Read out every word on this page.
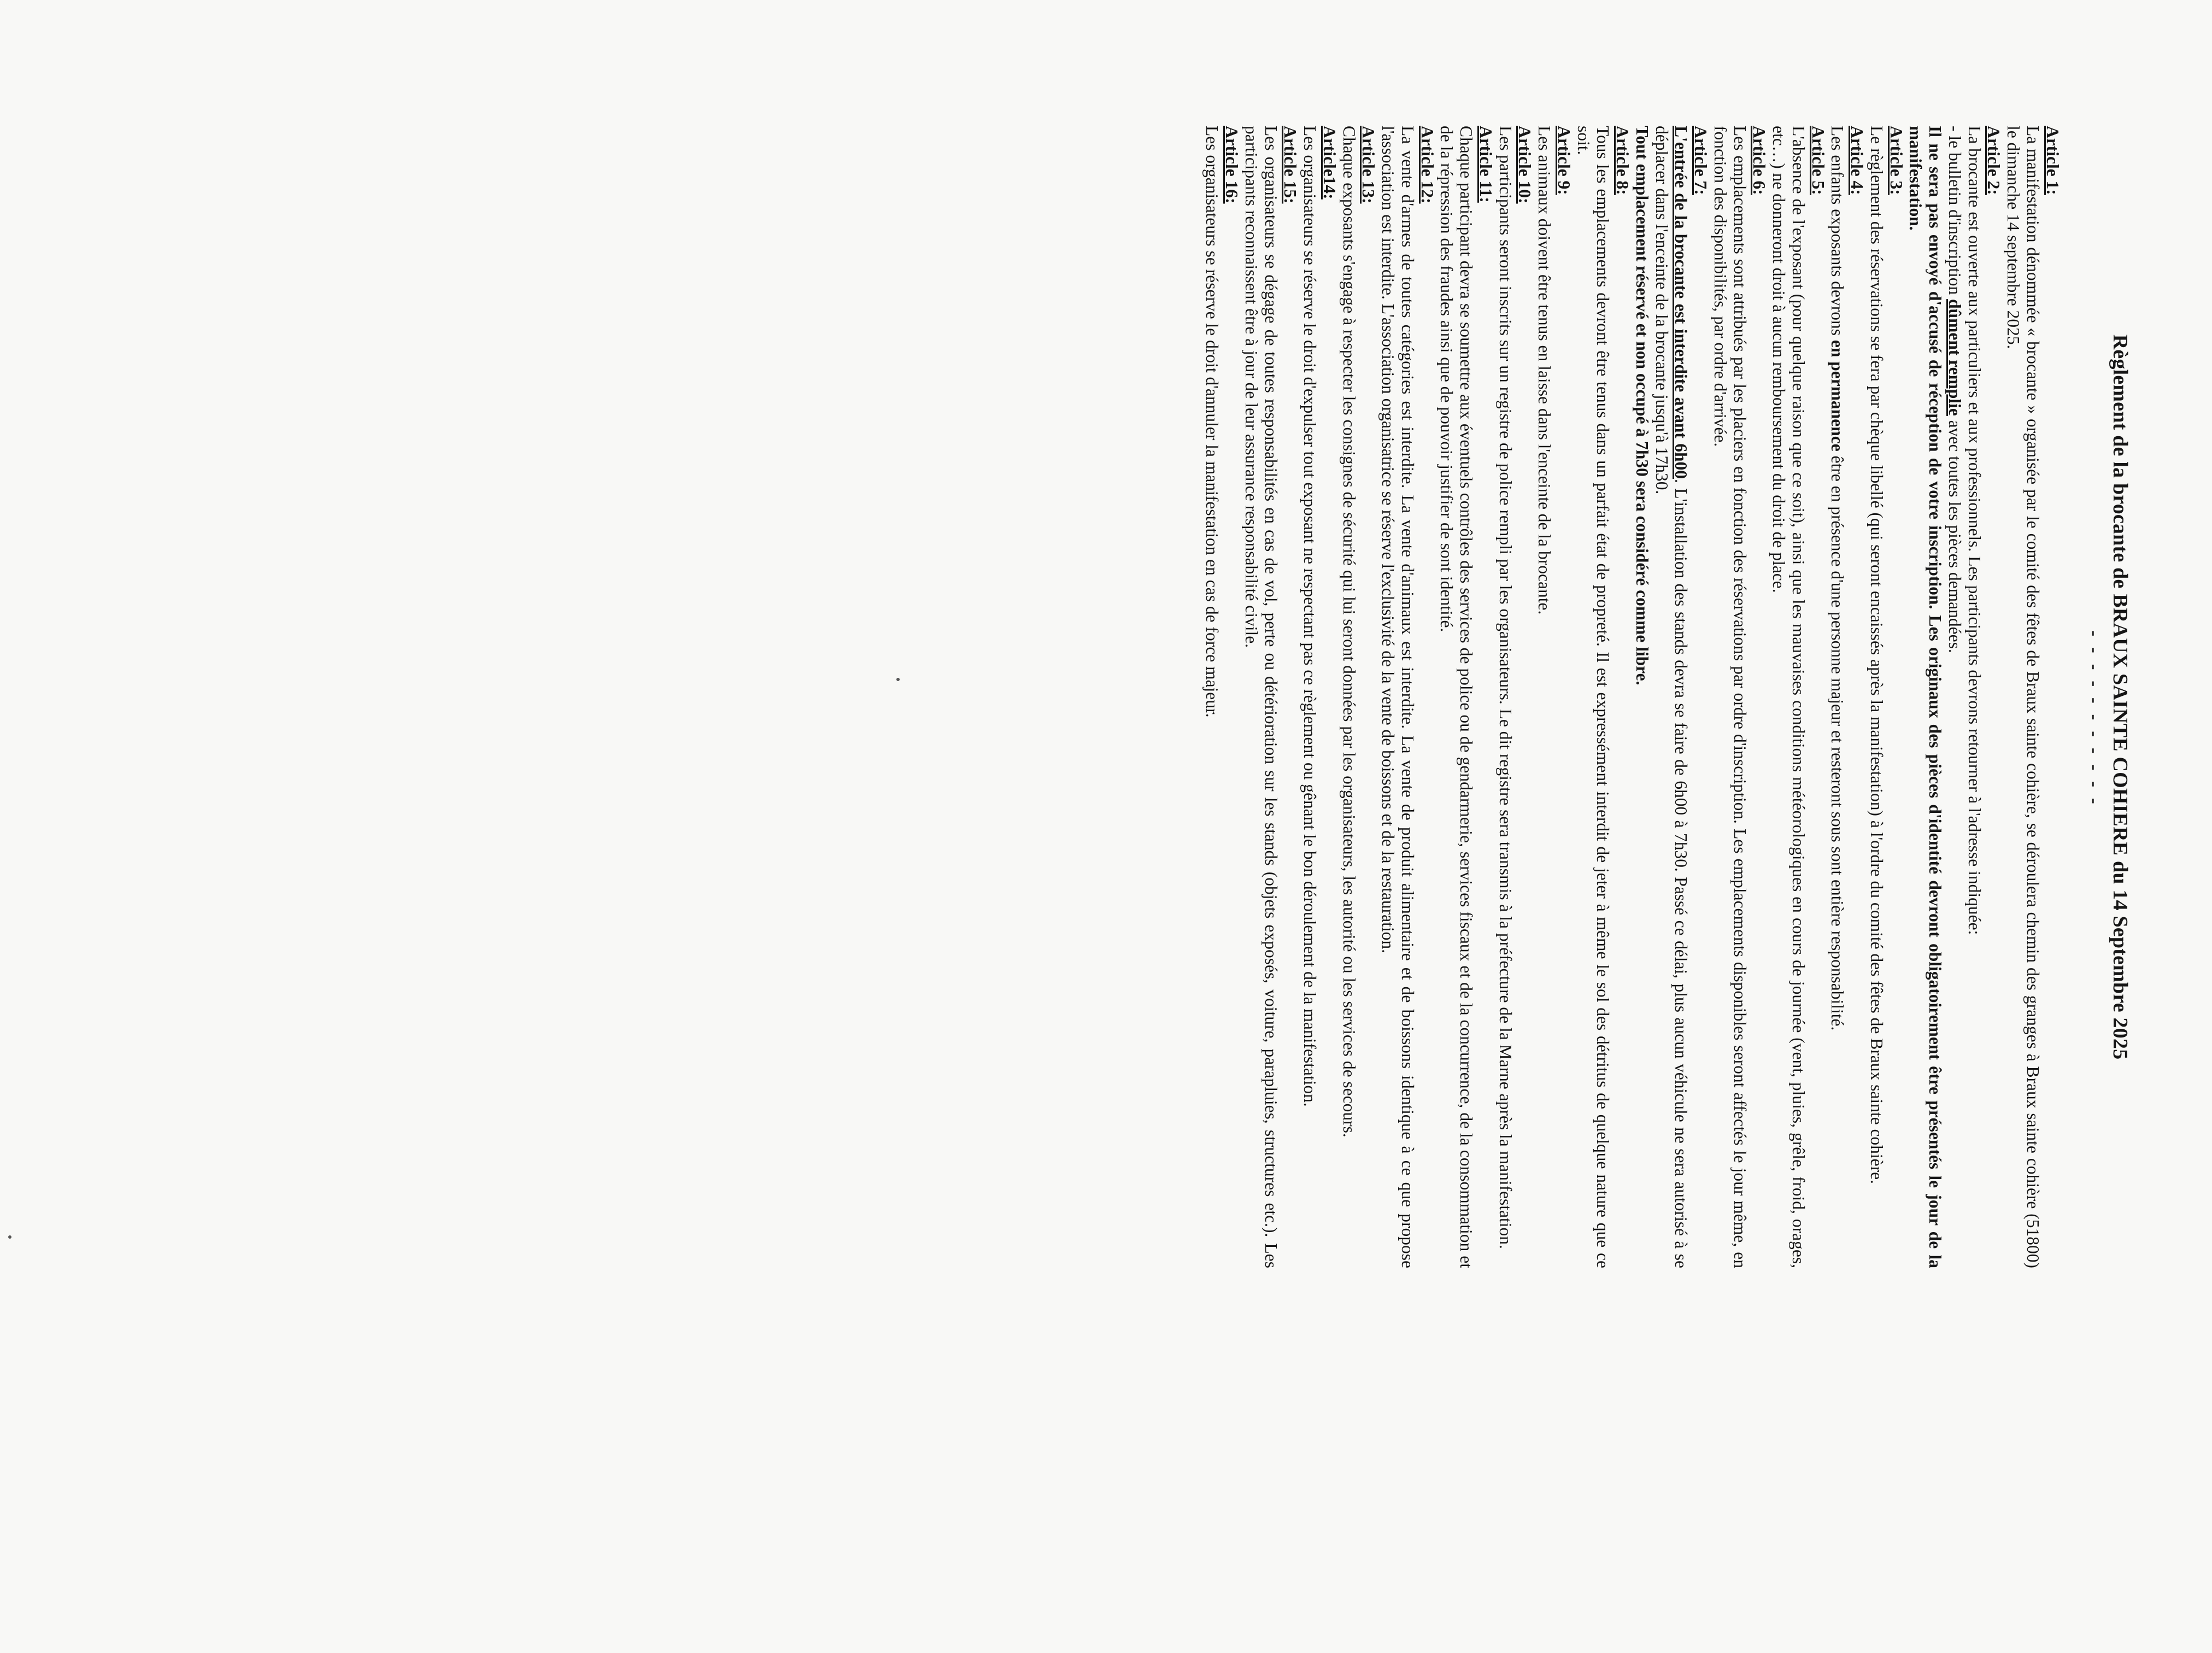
Règlement de la brocante de BRAUX SAINTE COHIERE du 14 Septembre 2025
- - - - - - - - - - -
Article 1:
La manifestation dénommée « brocante » organisée par le comité des fêtes de Braux sainte cohière, se déroulera chemin des granges à Braux sainte cohière (51800) le dimanche 14 septembre 2025.
Article 2:
La brocante est ouverte aux particuliers et aux professionnels. Les participants devrons retourner à l'adresse indiquée:
- le bulletin d'inscription dûment remplie avec toutes les pièces demandées.
Il ne sera pas envoyé d'accusé de réception de votre inscription. Les originaux des pièces d'identité devront obligatoirement être présentés le jour de la manifestation.
Article 3:
Le règlement des réservations se fera par chèque libellé (qui seront encaissés après la manifestation) à l'ordre du comité des fêtes de Braux sainte cohière.
Article 4:
Les enfants exposants devrons en permanence être en présence d'une personne majeur et resteront sous sont entière responsabilité.
Article 5:
L'absence de l'exposant (pour quelque raison que ce soit), ainsi que les mauvaises conditions météorologiques en cours de journée (vent, pluies, grêle, froid, orages, etc…) ne donneront droit à aucun remboursement du droit de place.
Article 6:
Les emplacements sont attribués par les placiers en fonction des réservations par ordre d'inscription. Les emplacements disponibles seront affectés le jour même, en fonction des disponibilités, par ordre d'arrivée.
Article 7:
L'entrée de la brocante est interdite avant 6h00. L'installation des stands devra se faire de 6h00 à 7h30. Passé ce délai, plus aucun véhicule ne sera autorisé à se déplacer dans l'enceinte de la brocante jusqu'à 17h30.
Tout emplacement réservé et non occupé à 7h30 sera considéré comme libre.
Article 8:
Tous les emplacements devront être tenus dans un parfait état de propreté. Il est expressément interdit de jeter à même le sol des détritus de quelque nature que ce soit.
Article 9:
Les animaux doivent être tenus en laisse dans l'enceinte de la brocante.
Article 10:
Les participants seront inscrits sur un registre de police rempli par les organisateurs. Le dit registre sera transmis à la préfecture de la Marne après la manifestation.
Article 11:
Chaque participant devra se soumettre aux éventuels contrôles des services de police ou de gendarmerie, services fiscaux et de la concurrence, de la consommation et de la répression des fraudes ainsi que de pouvoir justifier de sont identité.
Article 12:
La vente d'armes de toutes catégories est interdite. La vente d'animaux est interdite. La vente de produit alimentaire et de boissons identique à ce que propose l'association est interdite. L'association organisatrice se réserve l'exclusivité de la vente de boissons et de la restauration.
Article 13:
Chaque exposants s'engage à respecter les consignes de sécurité qui lui seront données par les organisateurs, les autorité ou les services de secours.
Article14:
Les organisateurs se réserve le droit d'expulser tout exposant ne respectant pas ce règlement ou gênant le bon déroulement de la manifestation.
Article 15:
Les organisateurs se dégage de toutes responsabilités en cas de vol, perte ou détérioration sur les stands (objets exposés, voiture, parapluies, structures etc.). Les participants reconnaissent être à jour de leur assurance responsabilité civile.
Article 16:
Les organisateurs se réserve le droit d'annuler la manifestation en cas de force majeur.
